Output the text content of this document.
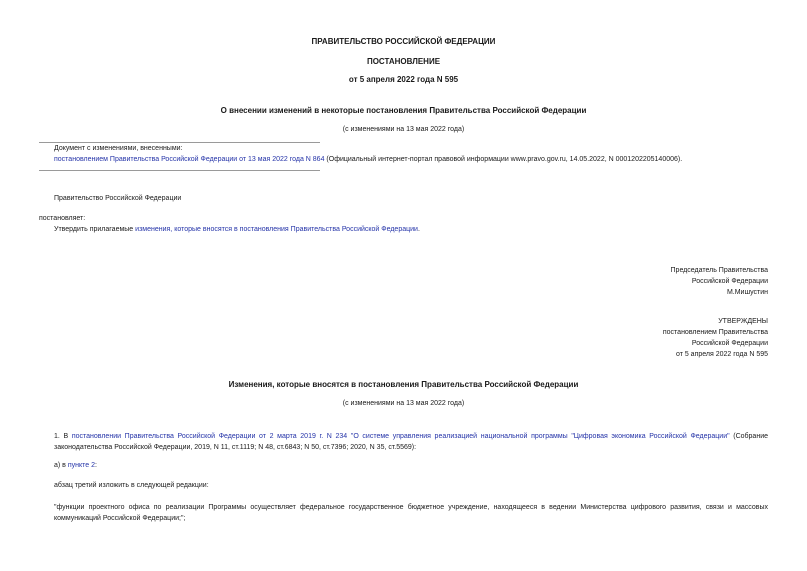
ПРАВИТЕЛЬСТВО РОССИЙСКОЙ ФЕДЕРАЦИИ
ПОСТАНОВЛЕНИЕ
от 5 апреля 2022 года N 595
О внесении изменений в некоторые постановления Правительства Российской Федерации
(с изменениями на 13 мая 2022 года)
Документ с изменениями, внесенными:
постановлением Правительства Российской Федерации от 13 мая 2022 года N 864 (Официальный интернет-портал правовой информации www.pravo.gov.ru, 14.05.2022, N 0001202205140006).
Правительство Российской Федерации
постановляет:
Утвердить прилагаемые изменения, которые вносятся в постановления Правительства Российской Федерации.
Председатель Правительства
Российской Федерации
М.Мишустин
УТВЕРЖДЕНЫ
постановлением Правительства
Российской Федерации
от 5 апреля 2022 года N 595
Изменения, которые вносятся в постановления Правительства Российской Федерации
(с изменениями на 13 мая 2022 года)

1. В постановлении Правительства Российской Федерации от 2 марта 2019 г. N 234 "О системе управления реализацией национальной программы "Цифровая экономика Российской Федерации" (Собрание законодательства Российской Федерации, 2019, N 11, ст.1119; N 48, ст.6843; N 50, ст.7396; 2020, N 35, ст.5569):

а) в пункте 2:
абзац третий изложить в следующей редакции:

"функции проектного офиса по реализации Программы осуществляет федеральное государственное бюджетное учреждение, находящееся в ведении Министерства цифрового развития, связи и массовых коммуникаций Российской Федерации;";
